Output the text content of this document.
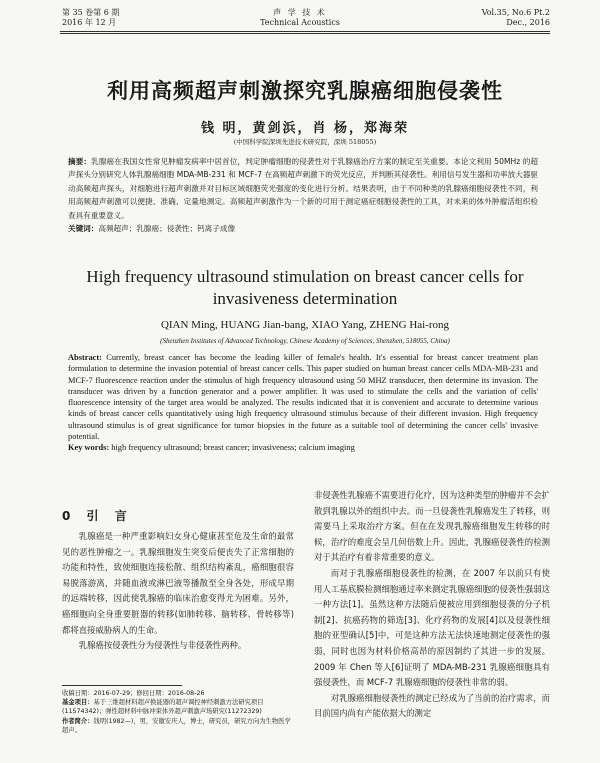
第 35 卷第 6 期
2016 年 12 月
声 学 技 术
Technical Acoustics
Vol.35, No.6 Pt.2
Dec., 2016
利用高频超声刺激探究乳腺癌细胞侵袭性
钱 明，黄剑浜，肖 杨，郑海荣
(中国科学院深圳先进技术研究院，深圳 518055)
摘要：乳腺癌在我国女性常见肿瘤发病率中居首位，判定肿瘤细胞的侵袭性对于乳腺癌治疗方案的制定至关重要。本论文利用 50MHz 的超声探头分别研究人体乳腺癌细胞 MDA-MB-231 和 MCF-7 在高频超声刺激下的荧光反应，并判断其侵袭性。利用信号发生器和功率放大器驱动高频超声探头，对细胞进行超声刺激并对目标区域细胞荧光强度的变化进行分析。结果表明，由于不同种类的乳腺癌细胞侵袭性不同，利用高频超声刺激可以便捷、准确、定量地测定。高频超声刺激作为一个新的可用于测定癌症细胞侵袭性的工具，对未来的体外肿瘤活组织检查具有重要意义。
关键词：高频超声；乳腺癌；侵袭性；钙离子成像
High frequency ultrasound stimulation on breast cancer cells for invasiveness determination
QIAN Ming, HUANG Jian-bang, XIAO Yang, ZHENG Hai-rong
(Shenzhen Institutes of Advanced Technology, Chinese Academy of Sciences, Shenzhen, 518055, China)
Abstract: Currently, breast cancer has become the leading killer of female's health. It's essential for breast cancer treatment plan formulation to determine the invasion potential of breast cancer cells. This paper studied on human breast cancer cells MDA-MB-231 and MCF-7 fluorescence reaction under the stimulus of high frequency ultrasound using 50 MHZ transducer, then determine its invasion. The transducer was driven by a function generator and a power amplifier. It was used to stimulate the cells and the variation of cells' fluorescence intensity of the target area would be analyzed. The results indicated that it is convenient and accurate to determine various kinds of breast cancer cells quantitatively using high frequency ultrasound stimulus because of their different invasion. High frequency ultrasound stimulus is of great significance for tumor biopsies in the future as a suitable tool of determining the cancer cells' invasive potential.
Key words: high frequency ultrasound; breast cancer; invasiveness; calcium imaging
0 引 言

乳腺癌是一种严重影响妇女身心健康甚至危及生命的最常见的恶性肿瘤之一。乳腺细胞发生突变后便丧失了正常细胞的功能和特性，致使细胞连接松散、组织结构紊乱，癌细胞很容易脱落游离，并随血液或淋巴液等播散至全身各处，形成早期的远端转移，因此使乳腺癌的临床治愈变得尤为困难。另外，癌细胞向全身重要脏器的转移(如肺转移、脑转移、骨转移等)都将直接威胁病人的生命。

乳腺癌按侵袭性分为侵袭性与非侵袭性两种。

非侵袭性乳腺癌不需要进行化疗，因为这种类型的肿瘤并不会扩散到乳腺以外的组织中去。而一旦侵袭性乳腺癌发生了转移，则需要马上采取治疗方案。但在在发现乳腺癌细胞发生转移的时候，治疗的难度会呈几何倍数上升。因此，乳腺癌侵袭性的检测对于其治疗有着非常重要的意义。

而对于乳腺癌细胞侵袭性的检测，在 2007 年以前只有使用人工基底膜检测细胞通过率来测定乳腺癌细胞的侵袭性强弱这一种方法[1]。虽然这种方法随后便被应用到细胞侵袭的分子机制[2]、抗癌药物的筛选[3]、化疗药物的发展[4]以及侵袭性细胞的亚型确认[5]中，可是这种方法无法快速地测定侵袭性的强弱，同时也因为材料价格高昂的原因制约了其进一步的发展。2009 年 Chen 等人[6]证明了 MDA-MB-231 乳腺癌细胞具有强侵袭性，而 MCF-7 乳腺癌细胞的侵袭性非常的弱。

对乳腺癌细胞侵袭性的测定已经成为了当前的治疗需求，而目前国内尚有产能依据大的测定

收稿日期：2016-07-29；修回日期：2016-08-26
基金项目：基于三维超材料超声换能器的超声调控神经刺激方法研究项目(11574342)；弹性超材料中脉冲束体外超声刺激声场研究(11272329)
作者简介：钱明(1982—)，男，安徽安庆人，博士，研究员，研究方向为生物医学超声。
